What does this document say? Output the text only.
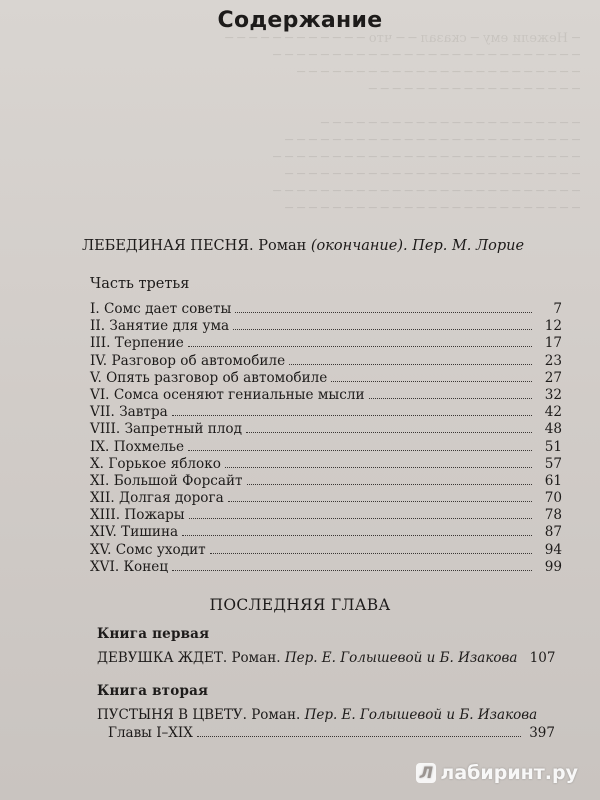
─ Нежели ему ─ сказал ─ ─ что ─ ─ ─ ─ ─ ─ ─ ─ ─ ─ ─ ─
─ ─ ─ ─ ─ ─ ─ ─ ─ ─ ─ ─ ─ ─ ─ ─ ─ ─ ─ ─ ─ ─ ─ ─ ─ ─
─ ─ ─ ─ ─ ─ ─ ─ ─ ─ ─ ─ ─ ─ ─ ─ ─ ─ ─ ─ ─ ─ ─ ─
─ ─ ─ ─ ─ ─ ─ ─ ─ ─ ─ ─ ─ ─ ─ ─ ─ ─

─ ─ ─ ─ ─ ─ ─ ─ ─ ─ ─ ─ ─ ─ ─ ─ ─ ─ ─ ─ ─ ─
─ ─ ─ ─ ─ ─ ─ ─ ─ ─ ─ ─ ─ ─ ─ ─ ─ ─ ─ ─ ─ ─ ─ ─ ─
─ ─ ─ ─ ─ ─ ─ ─ ─ ─ ─ ─ ─ ─ ─ ─ ─ ─ ─ ─ ─ ─ ─ ─ ─ ─
─ ─ ─ ─ ─ ─ ─ ─ ─ ─ ─ ─ ─ ─ ─ ─ ─ ─ ─ ─ ─ ─ ─ ─ ─
─ ─ ─ ─ ─ ─ ─ ─ ─ ─ ─ ─ ─ ─ ─ ─ ─ ─ ─ ─ ─ ─ ─ ─ ─ ─
─ ─ ─ ─ ─ ─ ─ ─ ─ ─ ─ ─ ─ ─ ─ ─ ─ ─ ─ ─ ─ ─ ─ ─ ─
Содержание
ЛЕБЕДИНАЯ ПЕСНЯ. Роман (окончание). Пер. М. Лорие
Часть третья
I. Сомс дает советы	7
II. Занятие для ума	12
III. Терпение	17
IV. Разговор об автомобиле	23
V. Опять разговор об автомобиле	27
VI. Сомса осеняют гениальные мысли	32
VII. Завтра	42
VIII. Запретный плод	48
IX. Похмелье	51
X. Горькое яблоко	57
XI. Большой Форсайт	61
XII. Долгая дорога	70
XIII. Пожары	78
XIV. Тишина	87
XV. Сомс уходит	94
XVI. Конец	99
ПОСЛЕДНЯЯ ГЛАВА
Книга первая
ДЕВУШКА ЖДЕТ. Роман. Пер. Е. Голышевой и Б. Изакова 107
Книга вторая
ПУСТЫНЯ В ЦВЕТУ. Роман. Пер. Е. Голышевой и Б. Изакова
Главы I–XIX	397
Л лабиринт.ру
